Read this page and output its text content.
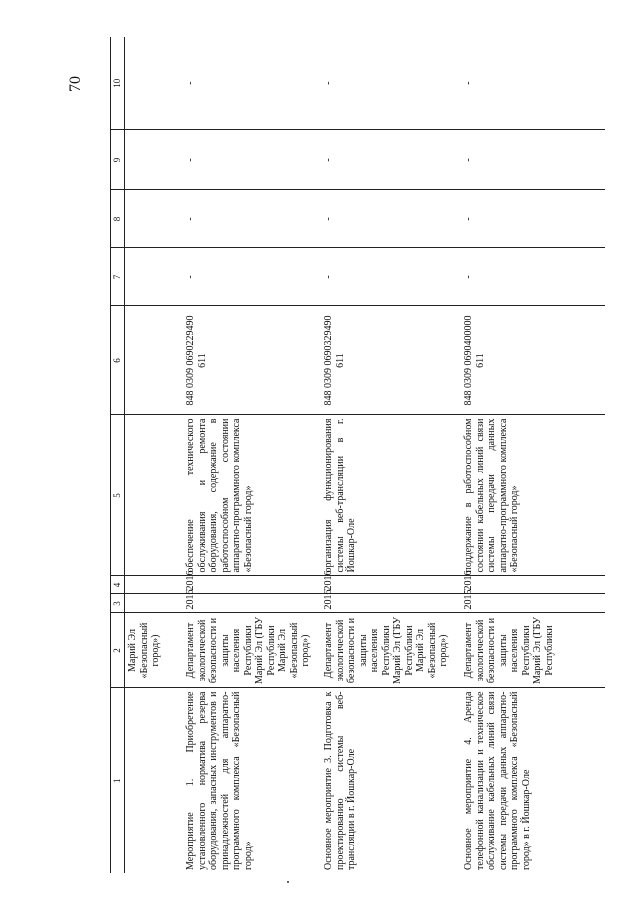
70
1	2	3	4	5	6	7	8	9	10
	Марий Эл «Безопасный город»)								
Мероприятие 1. Приобретение установленного норматива резерва оборудования, запасных инструментов и принадлежностей для аппаратно-программного комплекса «Безопасный город»	Департамент экологической безопасности и защиты населения Республики Марий Эл (ГБУ Республики Марий Эл «Безопасный город»)	2016	2016	обеспечение технического обслуживания и ремонта оборудования, содержание в работоспособном состоянии аппаратно-программного комплекса «Безопасный город»	848 0309 0690229490 611	-	-	-	-
Основное мероприятие 3. Подготовка к проектированию системы веб-трансляции в г. Йошкар-Оле	Департамент экологической безопасности и защиты населения Республики Марий Эл (ГБУ Республики Марий Эл «Безопасный город»)	2016	2016	организация функционирования системы веб-трансляции в г. Йошкар-Оле	848 0309 0690329490 611	-	-	-	-
Основное мероприятие 4. Аренда телефонной канализации и техническое обслуживание кабельных линий связи системы передачи данных аппаратно-программного комплекса «Безопасный город» в г. Йошкар-Оле	Департамент экологической безопасности и защиты населения Республики Марий Эл (ГБУ Республики	2015	2016	поддержание в работоспособном состоянии кабельных линий связи системы передачи данных аппаратно-программного комплекса «Безопасный город»	848 0309 0690400000 611	-	-	-	-
